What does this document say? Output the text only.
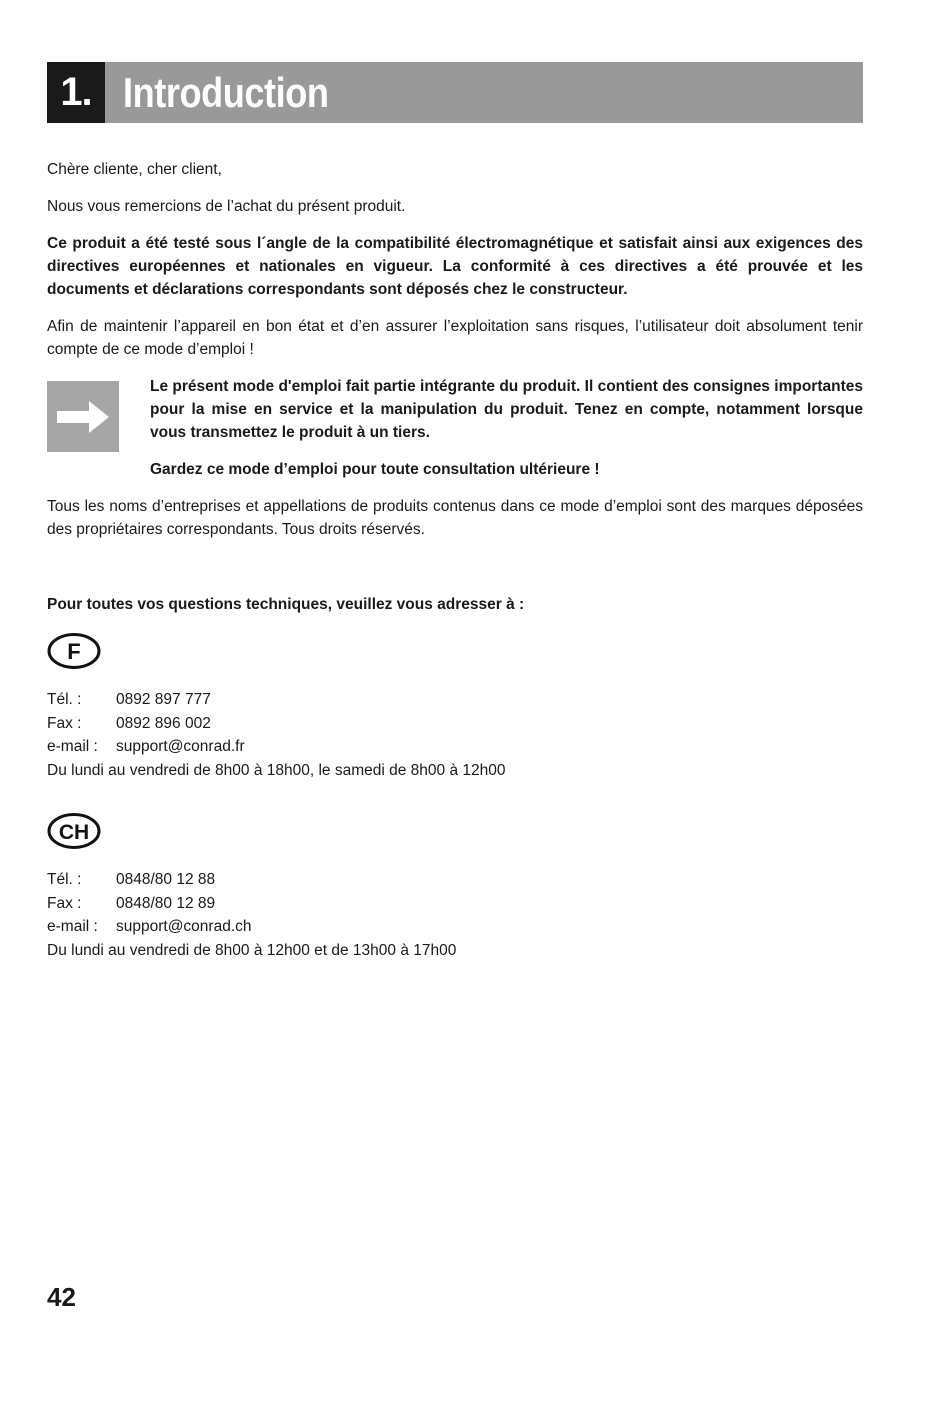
1. Introduction

Chère cliente, cher client,

Nous vous remercions de l’achat du présent produit.

Ce produit a été testé sous l´angle de la compatibilité électromagnétique et satisfait ainsi aux exigences des directives européennes et nationales en vigueur. La conformité à ces directives a été prouvée et les documents et déclarations correspondants sont déposés chez le constructeur.

Afin de maintenir l’appareil en bon état et d’en assurer l’exploitation sans risques, l’utilisateur doit absolument tenir compte de ce mode d’emploi !

Le présent mode d'emploi fait partie intégrante du produit. Il contient des consignes importantes pour la mise en service et la manipulation du produit. Tenez en compte, notamment lorsque vous transmettez le produit à un tiers.

Gardez ce mode d’emploi pour toute consultation ultérieure !

Tous les noms d’entreprises et appellations de produits contenus dans ce mode d’emploi sont des marques déposées des propriétaires correspondants. Tous droits réservés.

Pour toutes vos questions techniques, veuillez vous adresser à :

F
Tél. :	0892 897 777
Fax :	0892 896 002
e-mail :	support@conrad.fr
Du lundi au vendredi de 8h00 à 18h00, le samedi de 8h00 à 12h00
CH
Tél. :	0848/80 12 88
Fax :	0848/80 12 89
e-mail :	support@conrad.ch
Du lundi au vendredi de 8h00 à 12h00 et de 13h00 à 17h00
42
